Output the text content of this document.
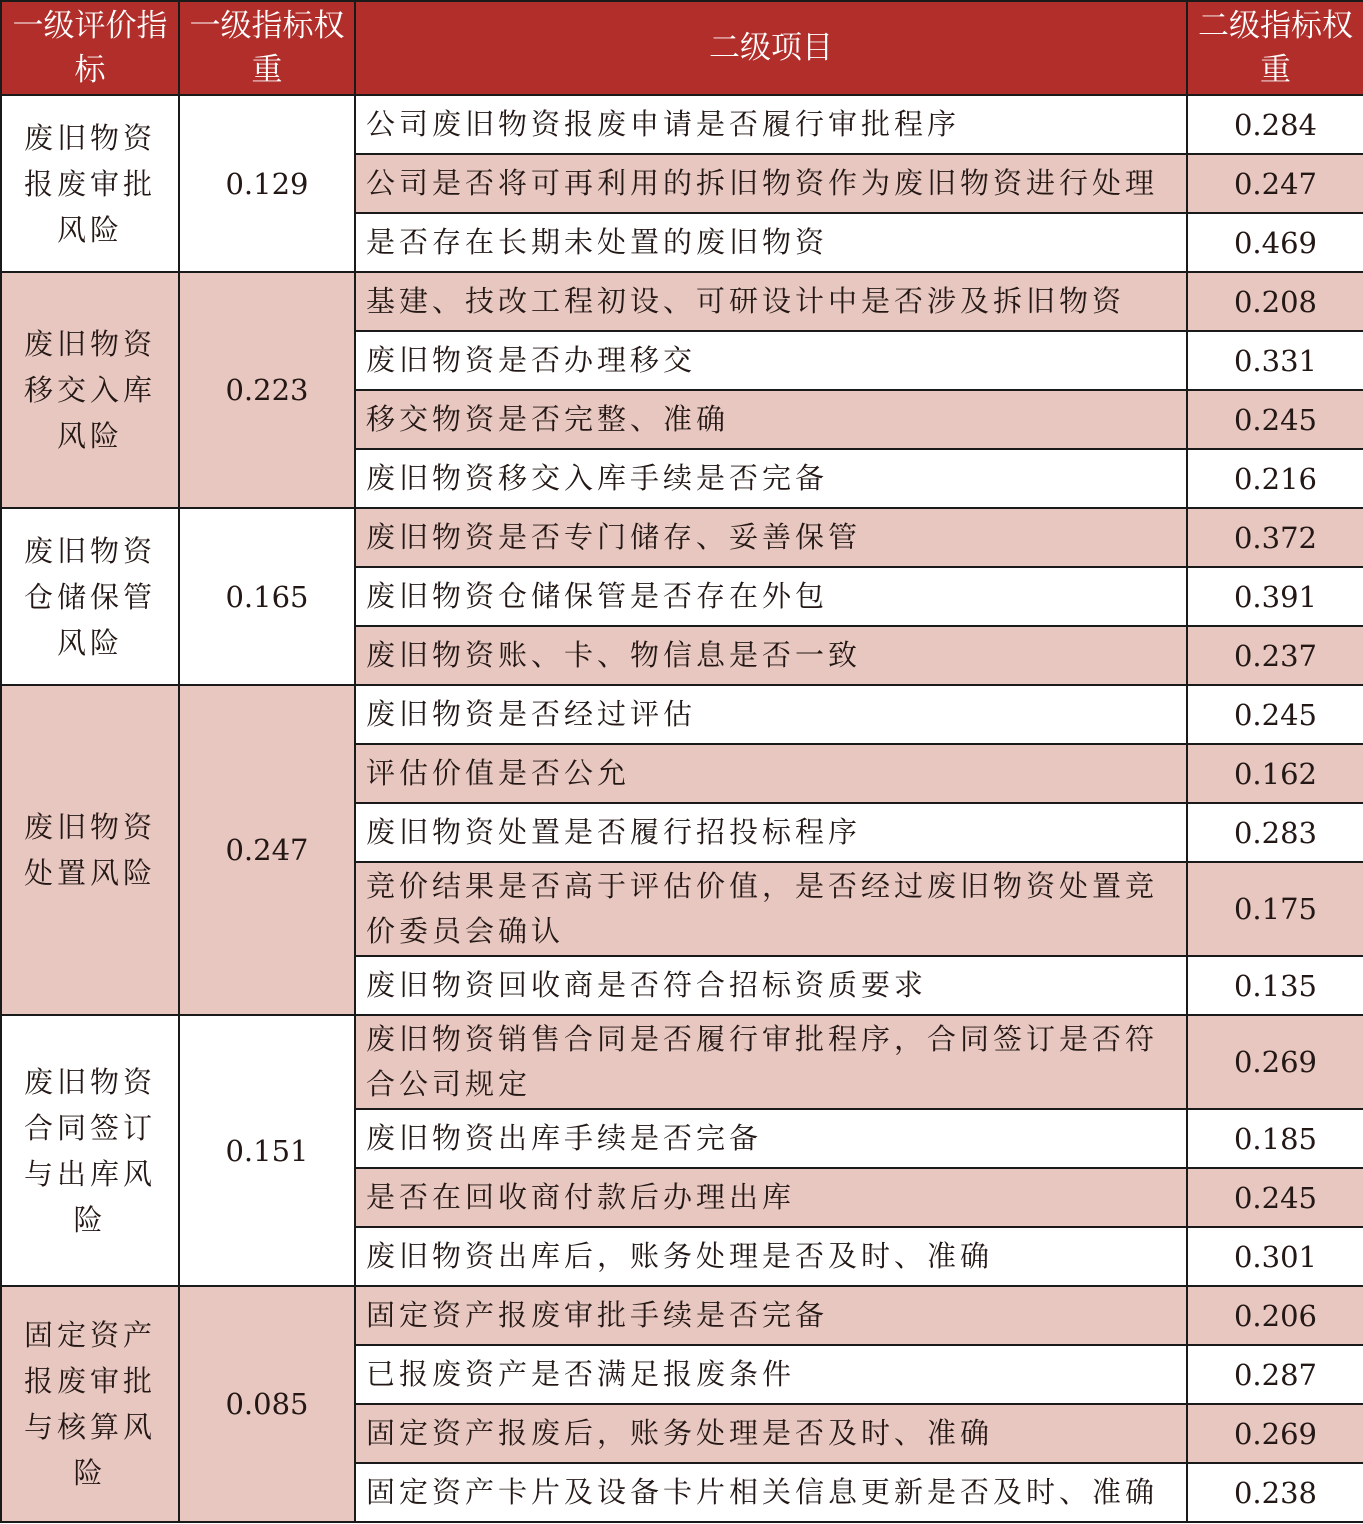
一级评价指标	一级指标权重	二级项目	二级指标权重
废旧物资报废审批风险	0.129	公司废旧物资报废申请是否履行审批程序	0.284
		公司是否将可再利用的拆旧物资作为废旧物资进行处理	0.247
		是否存在长期未处置的废旧物资	0.469
废旧物资移交入库风险	0.223	基建、技改工程初设、可研设计中是否涉及拆旧物资	0.208
		废旧物资是否办理移交	0.331
		移交物资是否完整、准确	0.245
		废旧物资移交入库手续是否完备	0.216
废旧物资仓储保管风险	0.165	废旧物资是否专门储存、妥善保管	0.372
		废旧物资仓储保管是否存在外包	0.391
		废旧物资账、卡、物信息是否一致	0.237
废旧物资处置风险	0.247	废旧物资是否经过评估	0.245
		评估价值是否公允	0.162
		废旧物资处置是否履行招投标程序	0.283
		竞价结果是否高于评估价值，是否经过废旧物资处置竞价委员会确认	0.175
		废旧物资回收商是否符合招标资质要求	0.135
废旧物资合同签订与出库风险	0.151	废旧物资销售合同是否履行审批程序，合同签订是否符合公司规定	0.269
		废旧物资出库手续是否完备	0.185
		是否在回收商付款后办理出库	0.245
		废旧物资出库后，账务处理是否及时、准确	0.301
固定资产报废审批与核算风险	0.085	固定资产报废审批手续是否完备	0.206
		已报废资产是否满足报废条件	0.287
		固定资产报废后，账务处理是否及时、准确	0.269
		固定资产卡片及设备卡片相关信息更新是否及时、准确	0.238
